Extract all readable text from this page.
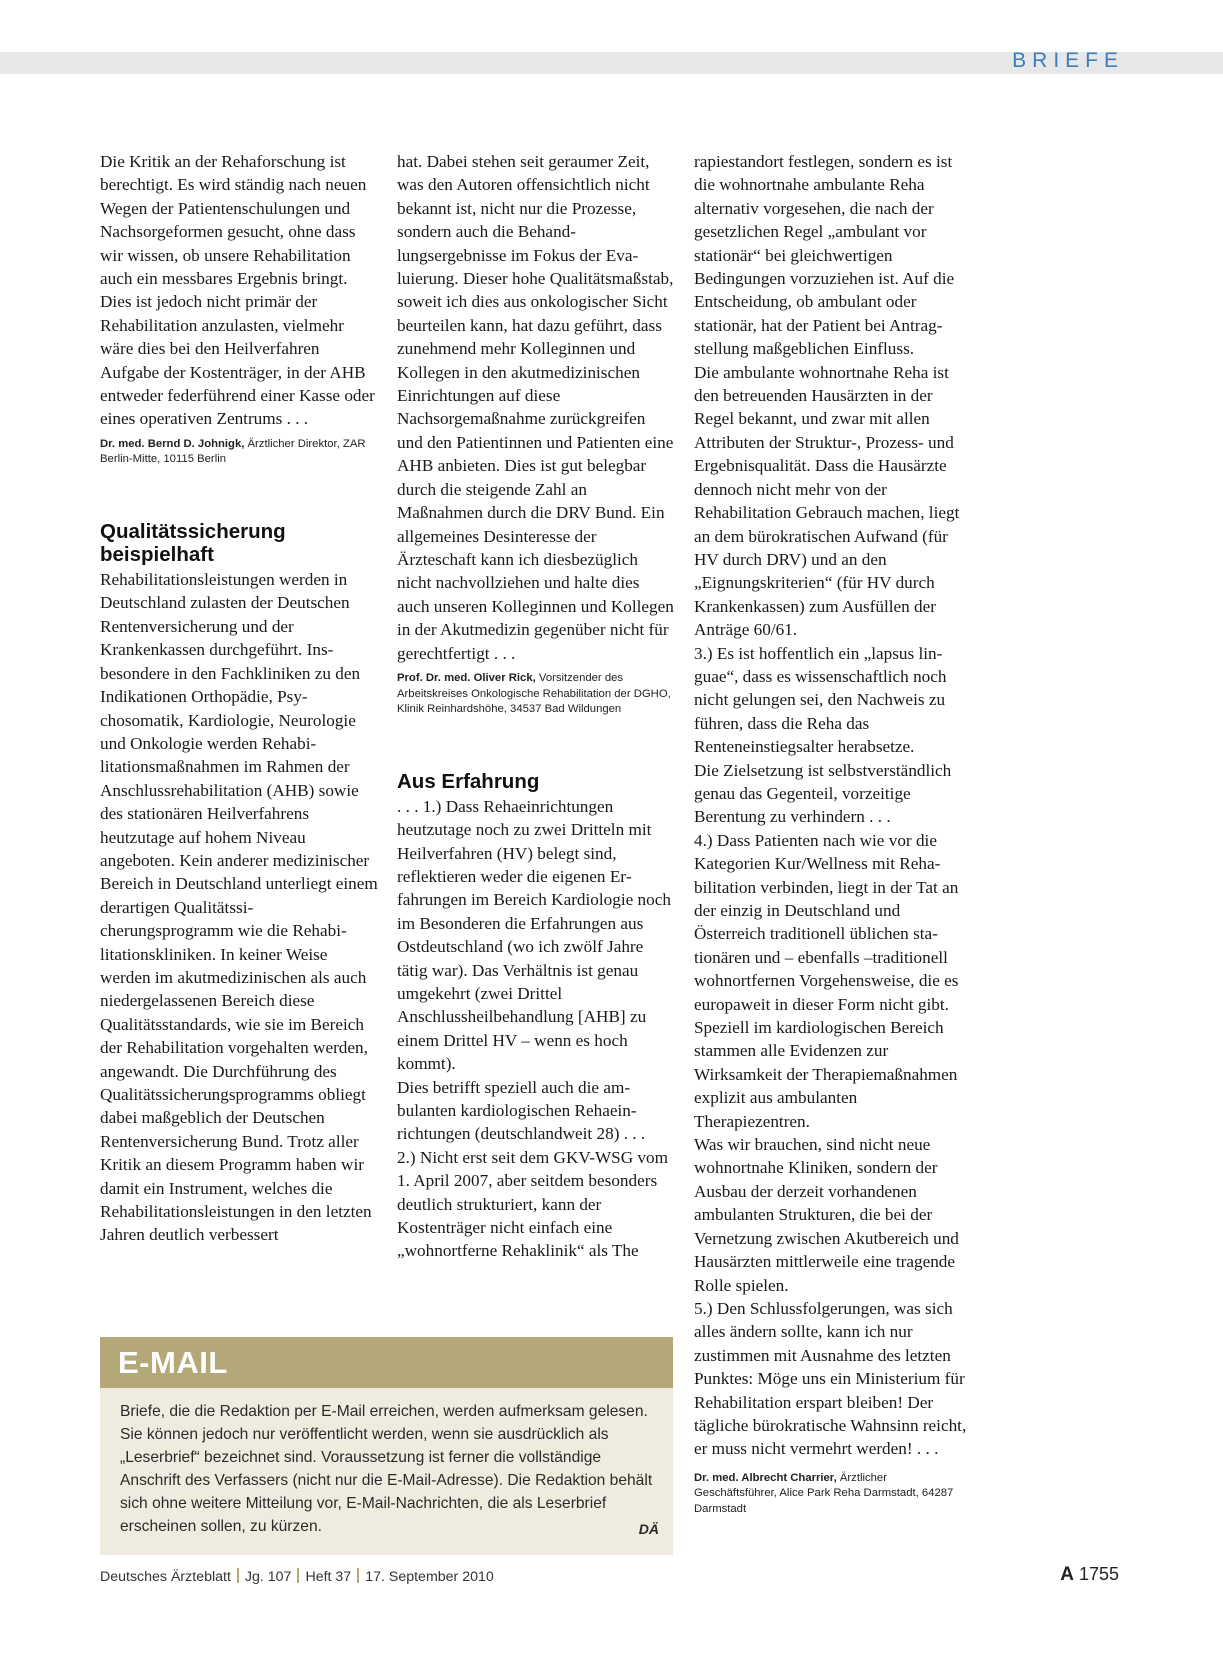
BRIEFE

Die Kritik an der Rehaforschung ist berechtigt. Es wird ständig nach neuen Wegen der Patientenschulungen und Nachsorgeformen gesucht, ohne dass wir wissen, ob unsere Rehabilitation auch ein messbares Ergebnis bringt. Dies ist jedoch nicht primär der Rehabilitation anzulasten, vielmehr wäre dies bei den Heilverfahren Aufgabe der Kostenträger, in der AHB entweder federführend einer Kasse oder eines operativen Zentrums . . .

Dr. med. Bernd D. Johnigk, Ärztlicher Direktor, ZAR Berlin-Mitte, 10115 Berlin

Qualitätssicherung beispielhaft

Rehabilitationsleistungen werden in Deutschland zulasten der Deutschen Rentenversicherung und der Krankenkassen durchgeführt. Insbesondere in den Fachkliniken zu den Indikationen Orthopädie, Psychosomatik, Kardiologie, Neurologie und Onkologie werden Rehabilitationsmaßnahmen im Rahmen der Anschlussrehabilitation (AHB) sowie des stationären Heilverfahrens heutzutage auf hohem Niveau angeboten. Kein anderer medizinischer Bereich in Deutschland unterliegt einem derartigen Qualitätssicherungsprogramm wie die Rehabilitationskliniken. In keiner Weise werden im akutmedizinischen als auch niedergelassenen Bereich diese Qualitätsstandards, wie sie im Bereich der Rehabilitation vorgehalten werden, angewandt. Die Durchführung des Qualitätssicherungsprogramms obliegt dabei maßgeblich der Deutschen Rentenversicherung Bund. Trotz aller Kritik an diesem Programm haben wir damit ein Instrument, welches die Rehabilitationsleistungen in den letzten Jahren deutlich verbessert

hat. Dabei stehen seit geraumer Zeit, was den Autoren offensichtlich nicht bekannt ist, nicht nur die Prozesse, sondern auch die Behandlungsergebnisse im Fokus der Evaluierung. Dieser hohe Qualitätsmaßstab, soweit ich dies aus onkologischer Sicht beurteilen kann, hat dazu geführt, dass zunehmend mehr Kolleginnen und Kollegen in den akutmedizinischen Einrichtungen auf diese Nachsorgemaßnahme zurückgreifen und den Patientinnen und Patienten eine AHB anbieten. Dies ist gut belegbar durch die steigende Zahl an Maßnahmen durch die DRV Bund. Ein allgemeines Desinteresse der Ärzteschaft kann ich diesbezüglich nicht nachvollziehen und halte dies auch unseren Kolleginnen und Kollegen in der Akutmedizin gegenüber nicht für gerechtfertigt . . .

Prof. Dr. med. Oliver Rick, Vorsitzender des Arbeitskreises Onkologische Rehabilitation der DGHO, Klinik Reinhardshöhe, 34537 Bad Wildungen

Aus Erfahrung

. . . 1.) Dass Rehaeinrichtungen heutzutage noch zu zwei Dritteln mit Heilverfahren (HV) belegt sind, reflektieren weder die eigenen Erfahrungen im Bereich Kardiologie noch im Besonderen die Erfahrungen aus Ostdeutschland (wo ich zwölf Jahre tätig war). Das Verhältnis ist genau umgekehrt (zwei Drittel Anschlussheilbehandlung [AHB] zu einem Drittel HV – wenn es hoch kommt).

Dies betrifft speziell auch die ambulanten kardiologischen Rehaeinrichtungen (deutschlandweit 28) . . .

2.) Nicht erst seit dem GKV-WSG vom 1. April 2007, aber seitdem besonders deutlich strukturiert, kann der Kostenträger nicht einfach eine „wohnortferne Rehaklinik“ als The

rapiestandort festlegen, sondern es ist die wohnortnahe ambulante Reha alternativ vorgesehen, die nach der gesetzlichen Regel „ambulant vor stationär“ bei gleichwertigen Bedingungen vorzuziehen ist. Auf die Entscheidung, ob ambulant oder stationär, hat der Patient bei Antragstellung maßgeblichen Einfluss.

Die ambulante wohnortnahe Reha ist den betreuenden Hausärzten in der Regel bekannt, und zwar mit allen Attributen der Struktur-, Prozess- und Ergebnisqualität. Dass die Hausärzte dennoch nicht mehr von der Rehabilitation Gebrauch machen, liegt an dem bürokratischen Aufwand (für HV durch DRV) und an den „Eignungskriterien“ (für HV durch Krankenkassen) zum Ausfüllen der Anträge 60/61.

3.) Es ist hoffentlich ein „lapsus linguae“, dass es wissenschaftlich noch nicht gelungen sei, den Nachweis zu führen, dass die Reha das Renteneinstiegsalter herabsetze.

Die Zielsetzung ist selbstverständlich genau das Gegenteil, vorzeitige Berentung zu verhindern . . .

4.) Dass Patienten nach wie vor die Kategorien Kur/Wellness mit Rehabilitation verbinden, liegt in der Tat an der einzig in Deutschland und Österreich traditionell üblichen stationären und – ebenfalls –traditionell wohnortfernen Vorgehensweise, die es europaweit in dieser Form nicht gibt. Speziell im kardiologischen Bereich stammen alle Evidenzen zur Wirksamkeit der Therapiemaßnahmen explizit aus ambulanten Therapiezentren.

Was wir brauchen, sind nicht neue wohnortnahe Kliniken, sondern der Ausbau der derzeit vorhandenen ambulanten Strukturen, die bei der Vernetzung zwischen Akutbereich und Hausärzten mittlerweile eine tragende Rolle spielen.

5.) Den Schlussfolgerungen, was sich alles ändern sollte, kann ich nur zustimmen mit Ausnahme des letzten Punktes: Möge uns ein Ministerium für Rehabilitation erspart bleiben! Der tägliche bürokratische Wahnsinn reicht, er muss nicht vermehrt werden! . . .

Dr. med. Albrecht Charrier, Ärztlicher Geschäftsführer, Alice Park Reha Darmstadt, 64287 Darmstadt

E-MAIL

Briefe, die die Redaktion per E-Mail erreichen, werden aufmerksam gelesen. Sie können jedoch nur veröffentlicht werden, wenn sie ausdrücklich als „Leserbrief“ bezeichnet sind. Voraussetzung ist ferner die vollständige Anschrift des Verfassers (nicht nur die E-Mail-Adresse). Die Redaktion behält sich ohne weitere Mitteilung vor, E-Mail-Nachrichten, die als Leserbrief erscheinen sollen, zu kürzen.	DÄ
Deutsches Ärzteblatt Jg. 107 Heft 37 17. September 2010	A 1755
